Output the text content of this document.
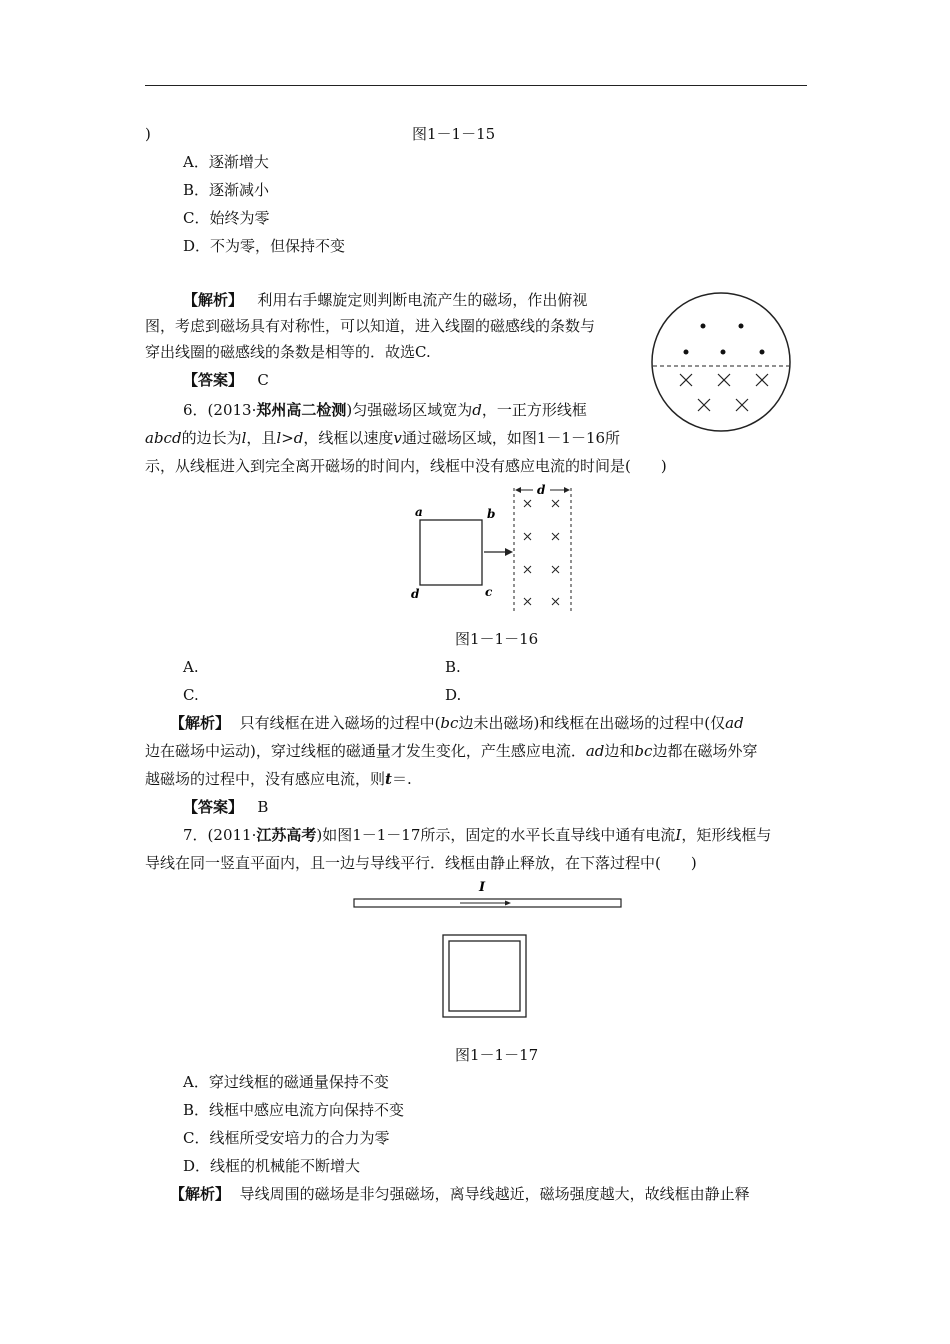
)	图1－1－15
A．逐渐增大
B．逐渐减小
C．始终为零
D．不为零，但保持不变
【解析】 利用右手螺旋定则判断电流产生的磁场，作出俯视
图，考虑到磁场具有对称性，可以知道，进入线圈的磁感线的条数与
穿出线圈的磁感线的条数是相等的．故选C.
【答案】 C
6．(2013·郑州高二检测)匀强磁场区域宽为d，一正方形线框
abcd的边长为l，且l>d，线框以速度v通过磁场区域，如图1－1－16所
示，从线框进入到完全离开磁场的时间内，线框中没有感应电流的时间是(　　)
a	b
c
d
d
图1－1－16
A.	B.
C.	D.
【解析】 只有线框在进入磁场的过程中(bc边未出磁场)和线框在出磁场的过程中(仅ad
边在磁场中运动)，穿过线框的磁通量才发生变化，产生感应电流．ad边和bc边都在磁场外穿
越磁场的过程中，没有感应电流，则t＝.
【答案】 B
7．(2011·江苏高考)如图1－1－17所示，固定的水平长直导线中通有电流I，矩形线框与
导线在同一竖直平面内，且一边与导线平行．线框由静止释放，在下落过程中(　　)
I
图1－1－17
A．穿过线框的磁通量保持不变
B．线框中感应电流方向保持不变
C．线框所受安培力的合力为零
D．线框的机械能不断增大
【解析】 导线周围的磁场是非匀强磁场，离导线越近，磁场强度越大，故线框由静止释
